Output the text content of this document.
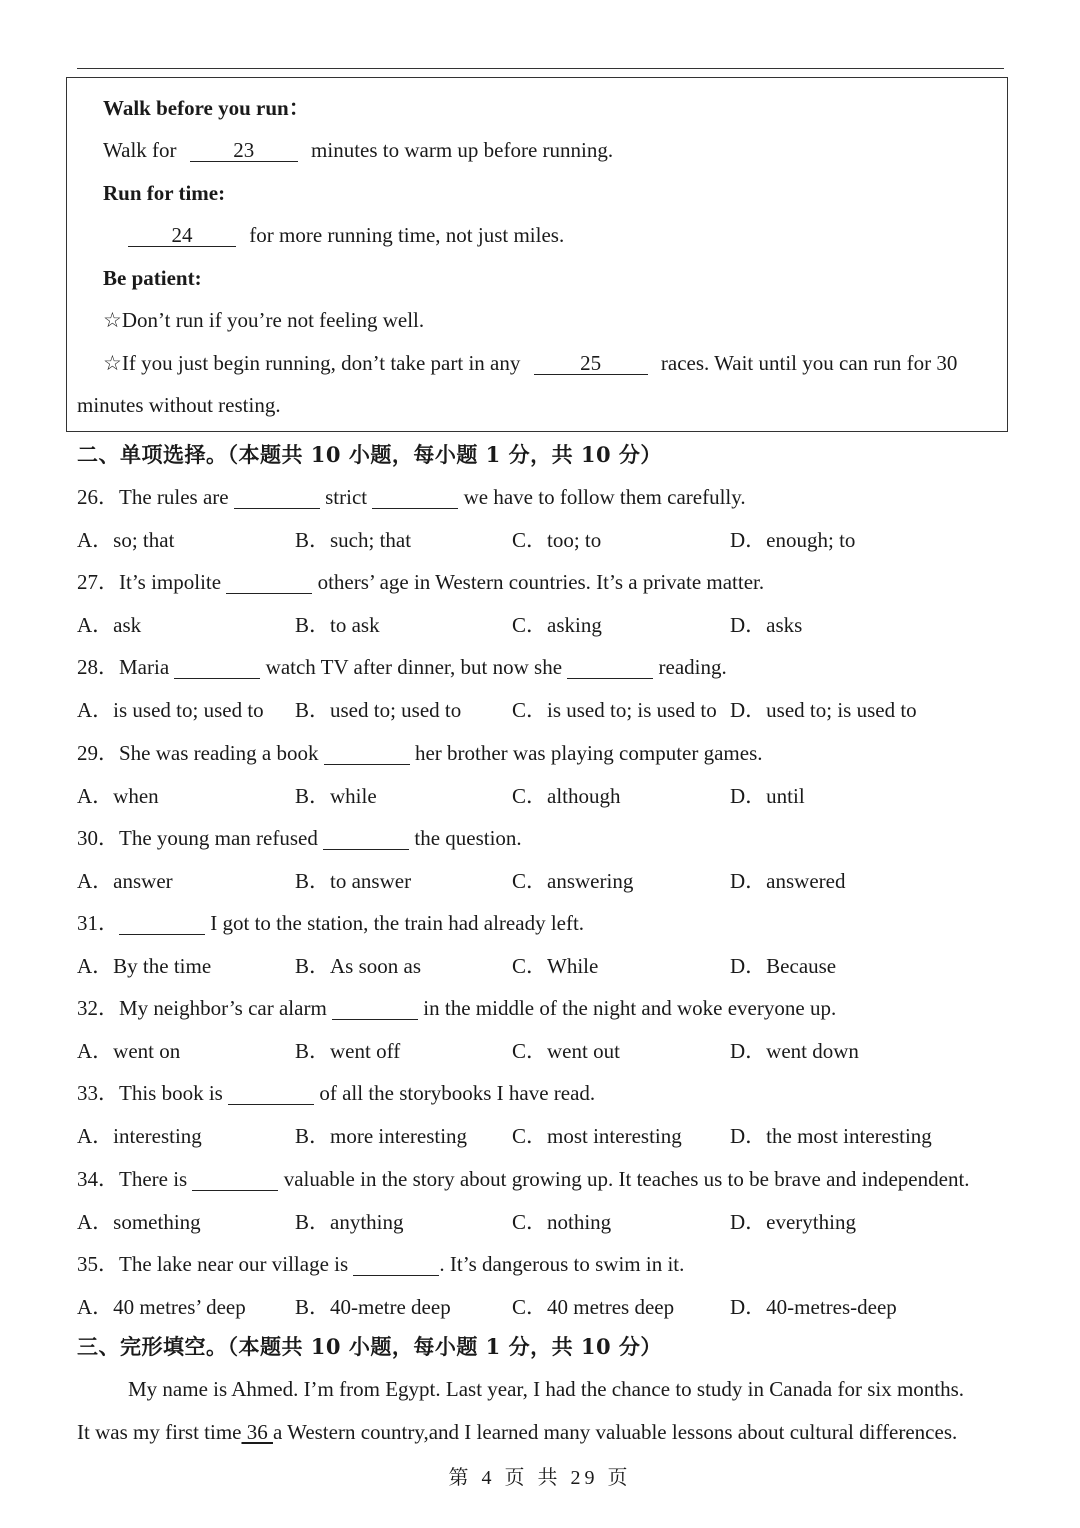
Walk before you run：
Walk for	23	minutes to warm up before running.
Run for time:
24	for more running time, not just miles.
Be patient:
☆Don’t run if you’re not feeling well.
☆If you just begin running, don’t take part in any	25	races. Wait until you can run for 30
minutes without resting.
二、单项选择。（本题共 10 小题，每小题 1 分，共 10 分）
26．The rules are	strict	we have to follow them carefully.
A．so; that	B．such; that	C．too; to	D．enough; to
27．It’s impolite	others’ age in Western countries. It’s a private matter.
A．ask	B．to ask	C．asking	D．asks
28．Maria	watch TV after dinner, but now she	reading.
A．is used to; used to B．used to; used to C．is used to; is used to D．used to; is used to
29．She was reading a book	her brother was playing computer games.
A．when	B．while	C．although	D．until
30．The young man refused	the question.
A．answer	B．to answer	C．answering	D．answered
31．	I got to the station, the train had already left.
A．By the time	B．As soon as	C．While	D．Because
32．My neighbor’s car alarm	in the middle of the night and woke everyone up.
A．went on	B．went off	C．went out	D．went down
33．This book is	of all the storybooks I have read.
A．interesting	B．more interesting C．most interesting D．the most interesting
34．There is	valuable in the story about growing up. It teaches us to be brave and independent.
A．something	B．anything	C．nothing	D．everything
35．The lake near our village is	. It’s dangerous to swim in it.
A．40 metres’ deep B．40-metre deep	C．40 metres deep	D．40-metres-deep
三、完形填空。（本题共 10 小题，每小题 1 分，共 10 分）
My name is Ahmed. I’m from Egypt. Last year, I had the chance to study in Canada for six months.
It was my first time 36 a Western country,and I learned many valuable lessons about cultural differences.
第 4 页 共 29 页
